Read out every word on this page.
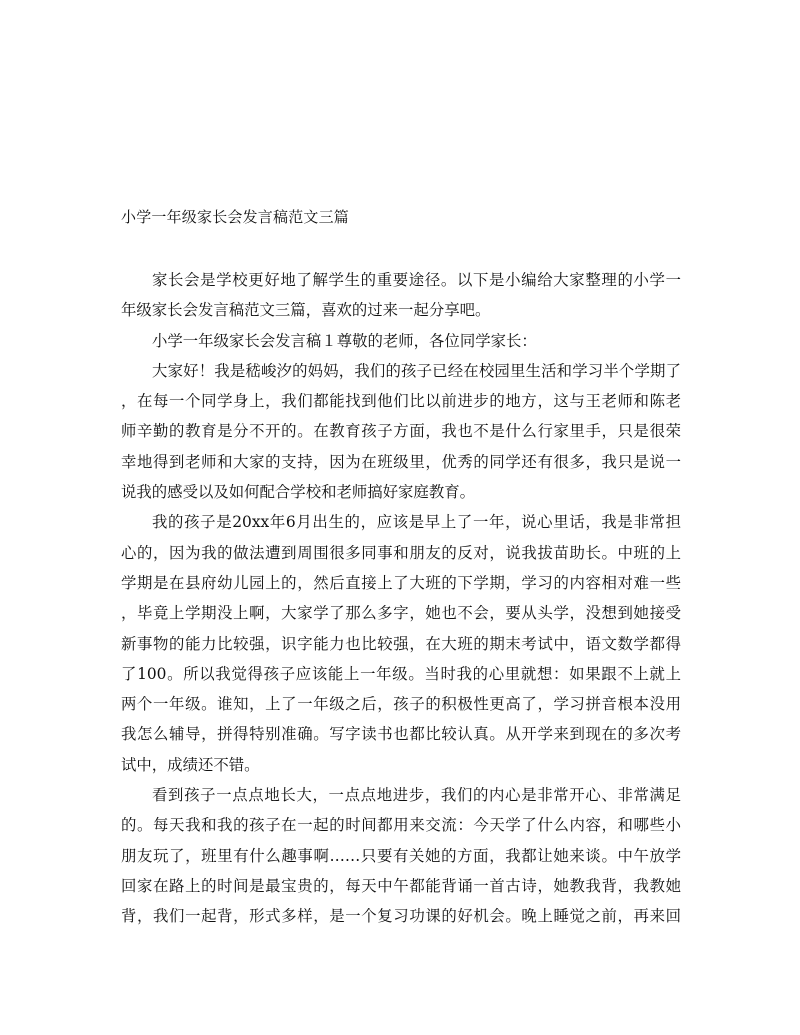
小学一年级家长会发言稿范文三篇

家长会是学校更好地了解学生的重要途径。以下是小编给大家整理的小学一
年级家长会发言稿范文三篇，喜欢的过来一起分享吧。

小学一年级家长会发言稿１尊敬的老师，各位同学家长：

大家好！我是嵇峻汐的妈妈，我们的孩子已经在校园里生活和学习半个学期了
，在每一个同学身上，我们都能找到他们比以前进步的地方，这与王老师和陈老
师辛勤的教育是分不开的。在教育孩子方面，我也不是什么行家里手，只是很荣
幸地得到老师和大家的支持，因为在班级里，优秀的同学还有很多，我只是说一
说我的感受以及如何配合学校和老师搞好家庭教育。

我的孩子是20xx年6月出生的，应该是早上了一年，说心里话，我是非常担
心的，因为我的做法遭到周围很多同事和朋友的反对，说我拔苗助长。中班的上
学期是在县府幼儿园上的，然后直接上了大班的下学期，学习的内容相对难一些
，毕竟上学期没上啊，大家学了那么多字，她也不会，要从头学，没想到她接受
新事物的能力比较强，识字能力也比较强，在大班的期末考试中，语文数学都得
了100。所以我觉得孩子应该能上一年级。当时我的心里就想：如果跟不上就上
两个一年级。谁知，上了一年级之后，孩子的积极性更高了，学习拼音根本没用
我怎么辅导，拼得特别准确。写字读书也都比较认真。从开学来到现在的多次考
试中，成绩还不错。

看到孩子一点点地长大，一点点地进步，我们的内心是非常开心、非常满足
的。每天我和我的孩子在一起的时间都用来交流：今天学了什么内容，和哪些小
朋友玩了，班里有什么趣事啊……只要有关她的方面，我都让她来谈。中午放学
回家在路上的时间是最宝贵的，每天中午都能背诵一首古诗，她教我背，我教她
背，我们一起背，形式多样，是一个复习功课的好机会。晚上睡觉之前，再来回
